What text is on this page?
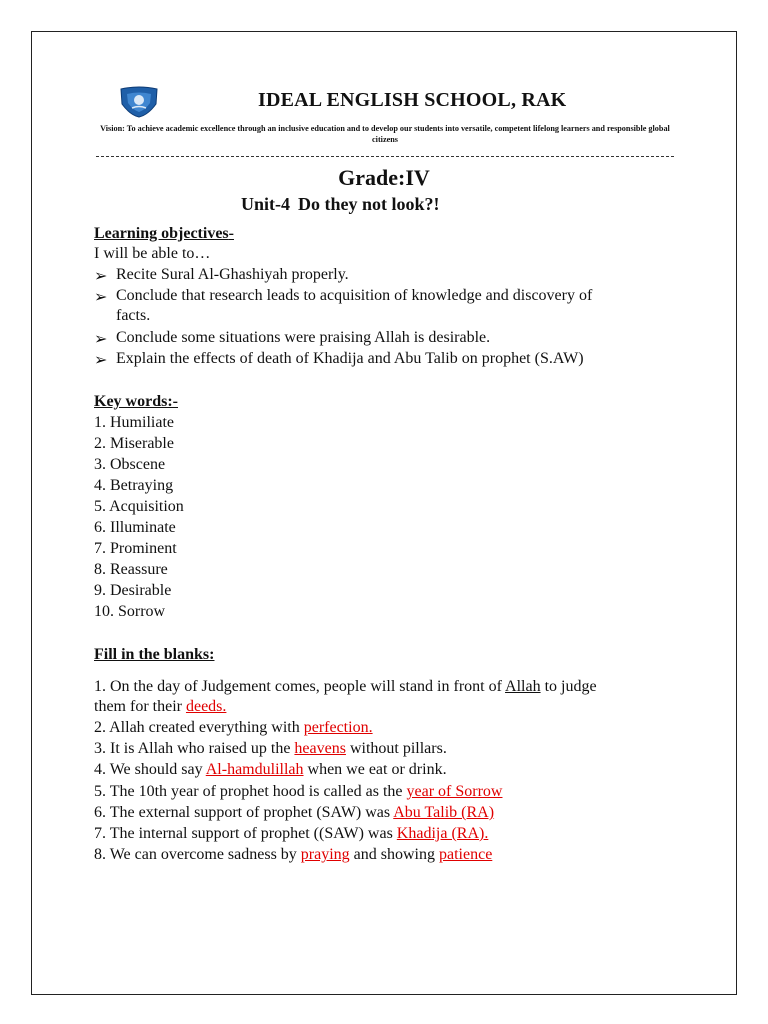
IDEAL ENGLISH SCHOOL, RAK
Vision: To achieve academic excellence through an inclusive education and to develop our students into versatile, competent lifelong learners and responsible global citizens
Grade:IV
Unit-4 Do they not look?!
Learning objectives-
I will be able to…
➢ Recite Sural Al-Ghashiyah properly.
➢ Conclude that research leads to acquisition of knowledge and discovery of
facts.
➢ Conclude some situations were praising Allah is desirable.
➢ Explain the effects of death of Khadija and Abu Talib on prophet (S.AW)
Key words:-
1. Humiliate
2. Miserable
3. Obscene
4. Betraying
5. Acquisition
6. Illuminate
7. Prominent
8. Reassure
9. Desirable
10. Sorrow
Fill in the blanks:
1. On the day of Judgement comes, people will stand in front of Allah to judge
them for their deeds.
2. Allah created everything with perfection.
3. It is Allah who raised up the heavens without pillars.
4. We should say Al-hamdulillah when we eat or drink.
5. The 10th year of prophet hood is called as the year of Sorrow
6. The external support of prophet (SAW) was Abu Talib (RA)
7. The internal support of prophet ((SAW) was Khadija (RA).
8. We can overcome sadness by praying and showing patience
